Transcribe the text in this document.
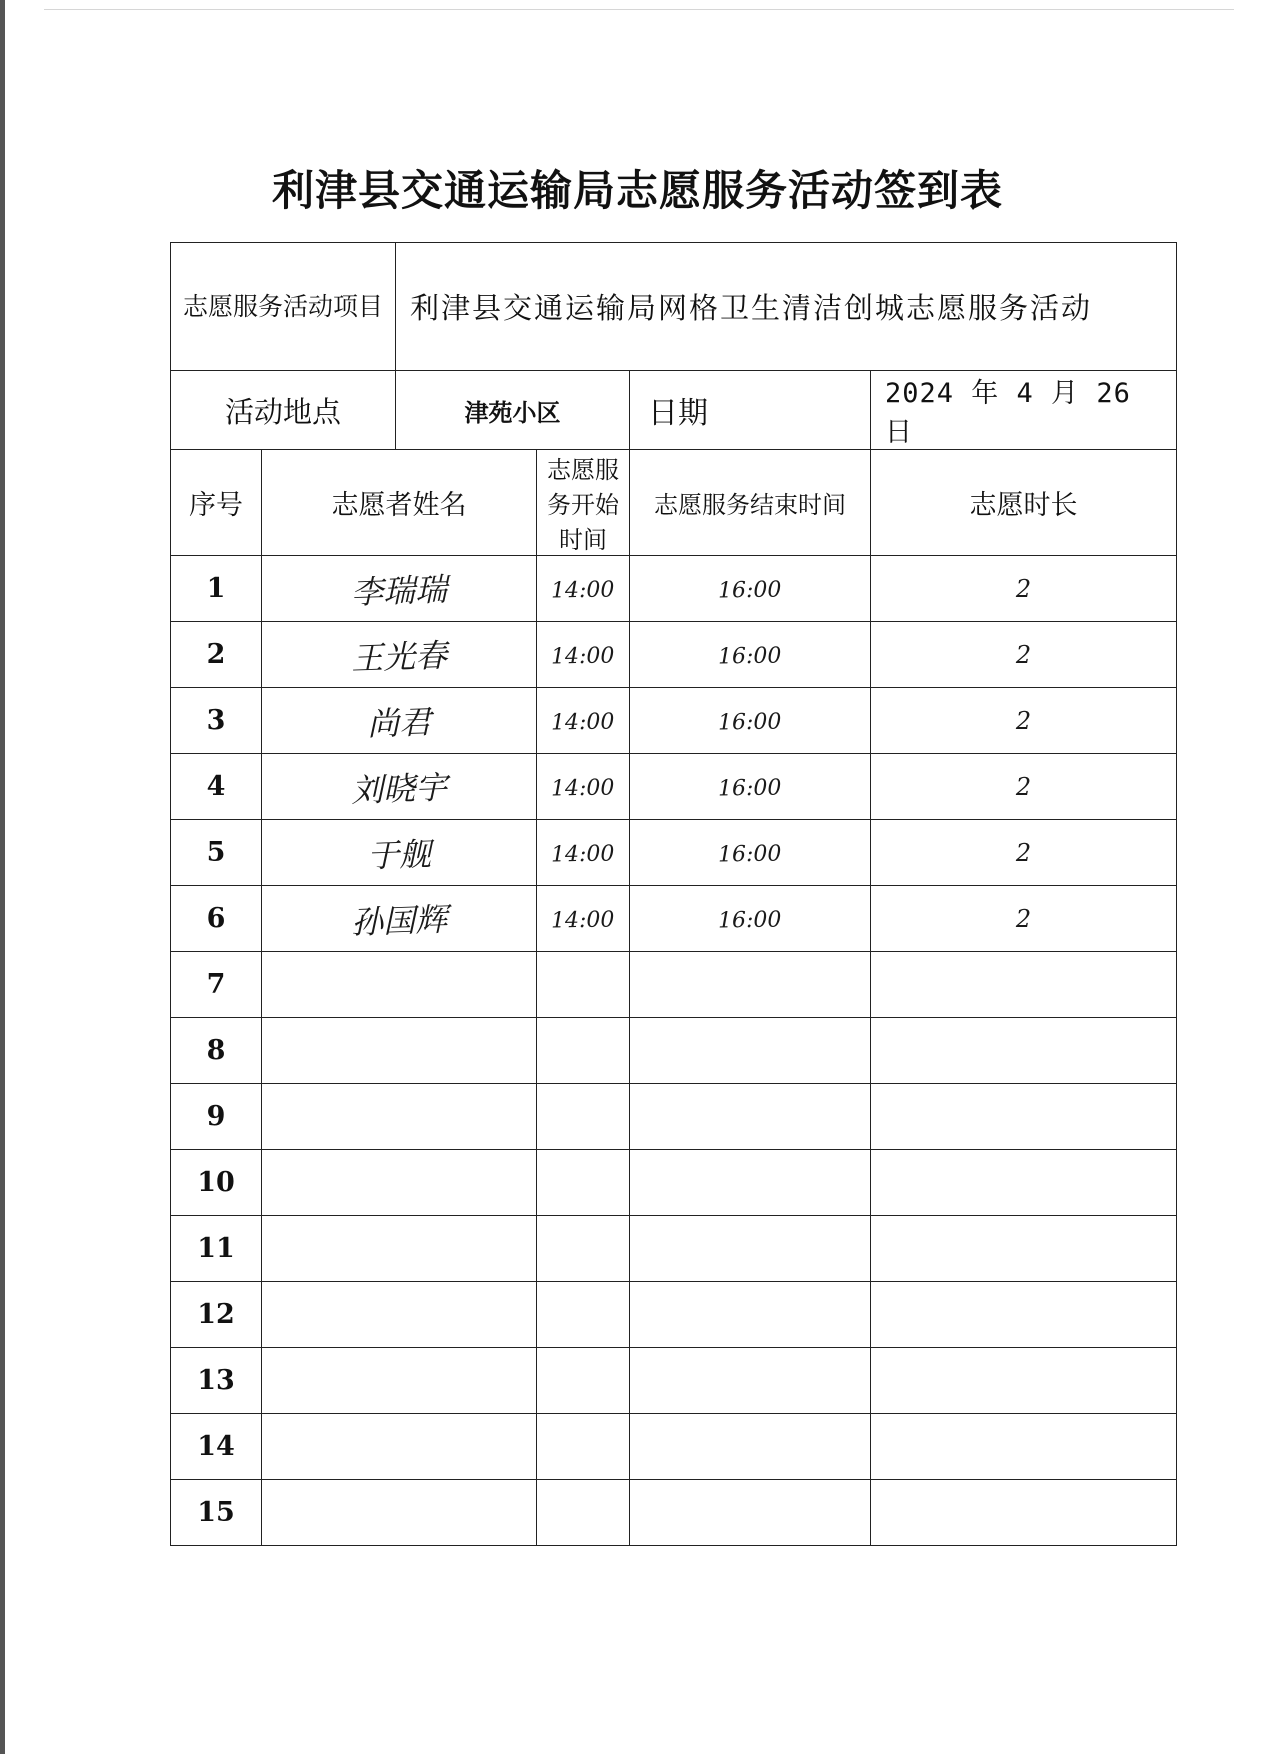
利津县交通运输局志愿服务活动签到表
志愿服务活动项目		利津县交通运输局网格卫生清洁创城志愿服务活动			
活动地点		津苑小区		日期	2024 年 4 月 26 日
序号	志愿者姓名		志愿服务开始时间	志愿服务结束时间	志愿时长
1	李瑞瑞		14:00	16:00	2
2	王光春		14:00	16:00	2
3	尚君		14:00	16:00	2
4	刘晓宇		14:00	16:00	2
5	于舰		14:00	16:00	2
6	孙国辉		14:00	16:00	2
7					
8					
9					
10					
11					
12					
13					
14					
15					
